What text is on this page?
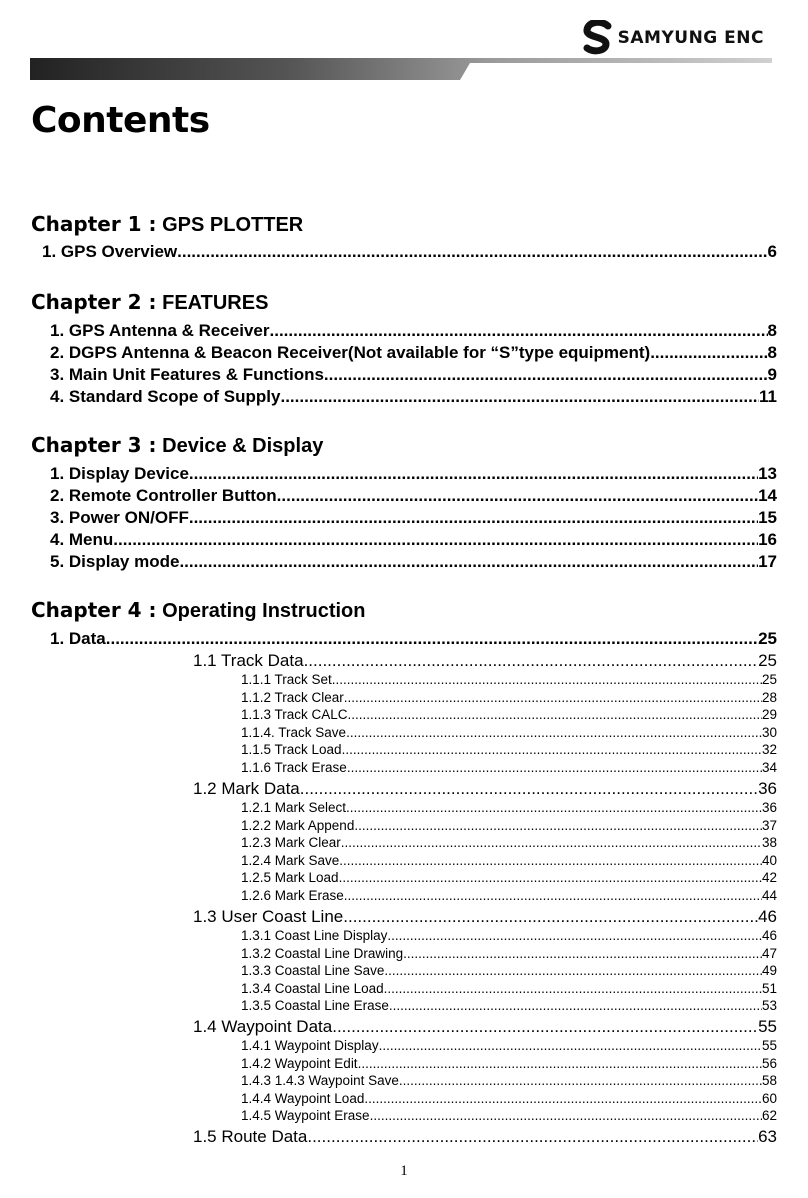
SAMYUNG ENC
Contents
Chapter 1 : GPS PLOTTER
1. GPS Overview .....	6
Chapter 2 : FEATURES
1. GPS Antenna & Receiver .....	8
2. DGPS Antenna & Beacon Receiver(Not available for “S”type equipment) .....	8
3. Main Unit Features & Functions .....	9
4. Standard Scope of Supply .....	11
Chapter 3 : Device & Display
1. Display Device .....	13
2. Remote Controller Button .....	14
3. Power ON/OFF .....	15
4. Menu .....	16
5. Display mode .....	17
Chapter 4 : Operating Instruction
1. Data .....	25
1.1 Track Data .....	25
1.1.1 Track Set .....	25
1.1.2 Track Clear .....	28
1.1.3 Track CALC .....	29
1.1.4. Track Save .....	30
1.1.5 Track Load .....	32
1.1.6 Track Erase .....	34
1.2 Mark Data .....	36
1.2.1 Mark Select .....	36
1.2.2 Mark Append .....	37
1.2.3 Mark Clear .....	38
1.2.4 Mark Save .....	40
1.2.5 Mark Load .....	42
1.2.6 Mark Erase .....	44
1.3 User Coast Line .....	46
1.3.1 Coast Line Display .....	46
1.3.2 Coastal Line Drawing .....	47
1.3.3 Coastal Line Save .....	49
1.3.4 Coastal Line Load .....	51
1.3.5 Coastal Line Erase .....	53
1.4 Waypoint Data .....	55
1.4.1 Waypoint Display .....	55
1.4.2 Waypoint Edit .....	56
1.4.3 1.4.3 Waypoint Save .....	58
1.4.4 Waypoint Load .....	60
1.4.5 Waypoint Erase .....	62
1.5 Route Data .....	63
1
